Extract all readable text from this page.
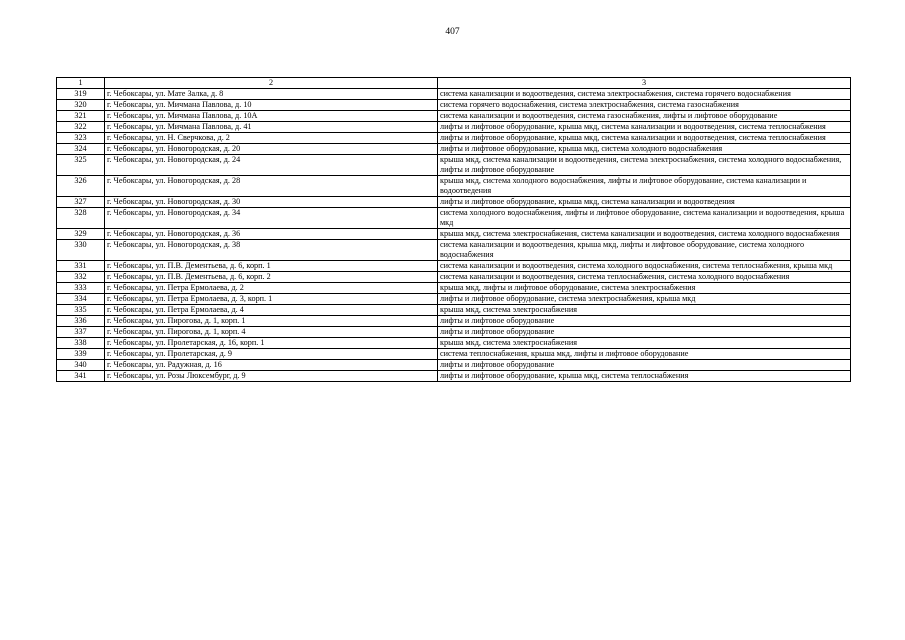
407
1	2	3
319	г. Чебоксары, ул. Мате Залка, д. 8	система канализации и водоотведения, система электроснабжения, система горячего водоснабжения
320	г. Чебоксары, ул. Мичмана Павлова, д. 10	система горячего водоснабжения, система электроснабжения, система газоснабжения
321	г. Чебоксары, ул. Мичмана Павлова, д. 10А	система канализации и водоотведения, система газоснабжения, лифты и лифтовое оборудование
322	г. Чебоксары, ул. Мичмана Павлова, д. 41	лифты и лифтовое оборудование, крыша мкд, система канализации и водоотведения, система теплоснабжения
323	г. Чебоксары, ул. Н. Сверчкова, д. 2	лифты и лифтовое оборудование, крыша мкд, система канализации и водоотведения, система теплоснабжения
324	г. Чебоксары, ул. Новогородская, д. 20	лифты и лифтовое оборудование, крыша мкд, система холодного водоснабжения
325	г. Чебоксары, ул. Новогородская, д. 24	крыша мкд, система канализации и водоотведения, система электроснабжения, система холодного водоснабжения, лифты и лифтовое оборудование
326	г. Чебоксары, ул. Новогородская, д. 28	крыша мкд, система холодного водоснабжения, лифты и лифтовое оборудование, система канализации и водоотведения
327	г. Чебоксары, ул. Новогородская, д. 30	лифты и лифтовое оборудование, крыша мкд, система канализации и водоотведения
328	г. Чебоксары, ул. Новогородская, д. 34	система холодного водоснабжения, лифты и лифтовое оборудование, система канализации и водоотведения, крыша мкд
329	г. Чебоксары, ул. Новогородская, д. 36	крыша мкд, система электроснабжения, система канализации и водоотведения, система холодного водоснабжения
330	г. Чебоксары, ул. Новогородская, д. 38	система канализации и водоотведения, крыша мкд, лифты и лифтовое оборудование, система холодного водоснабжения
331	г. Чебоксары, ул. П.В. Дементьева, д. 6, корп. 1	система канализации и водоотведения, система холодного водоснабжения, система теплоснабжения, крыша мкд
332	г. Чебоксары, ул. П.В. Дементьева, д. 6, корп. 2	система канализации и водоотведения, система теплоснабжения, система холодного водоснабжения
333	г. Чебоксары, ул. Петра Ермолаева, д. 2	крыша мкд, лифты и лифтовое оборудование, система электроснабжения
334	г. Чебоксары, ул. Петра Ермолаева, д. 3, корп. 1	лифты и лифтовое оборудование, система электроснабжения, крыша мкд
335	г. Чебоксары, ул. Петра Ермолаева, д. 4	крыша мкд, система электроснабжения
336	г. Чебоксары, ул. Пирогова, д. 1, корп. 1	лифты и лифтовое оборудование
337	г. Чебоксары, ул. Пирогова, д. 1, корп. 4	лифты и лифтовое оборудование
338	г. Чебоксары, ул. Пролетарская, д. 16, корп. 1	крыша мкд, система электроснабжения
339	г. Чебоксары, ул. Пролетарская, д. 9	система теплоснабжения, крыша мкд, лифты и лифтовое оборудование
340	г. Чебоксары, ул. Радужная, д. 16	лифты и лифтовое оборудование
341	г. Чебоксары, ул. Розы Люксембург, д. 9	лифты и лифтовое оборудование, крыша мкд, система теплоснабжения
